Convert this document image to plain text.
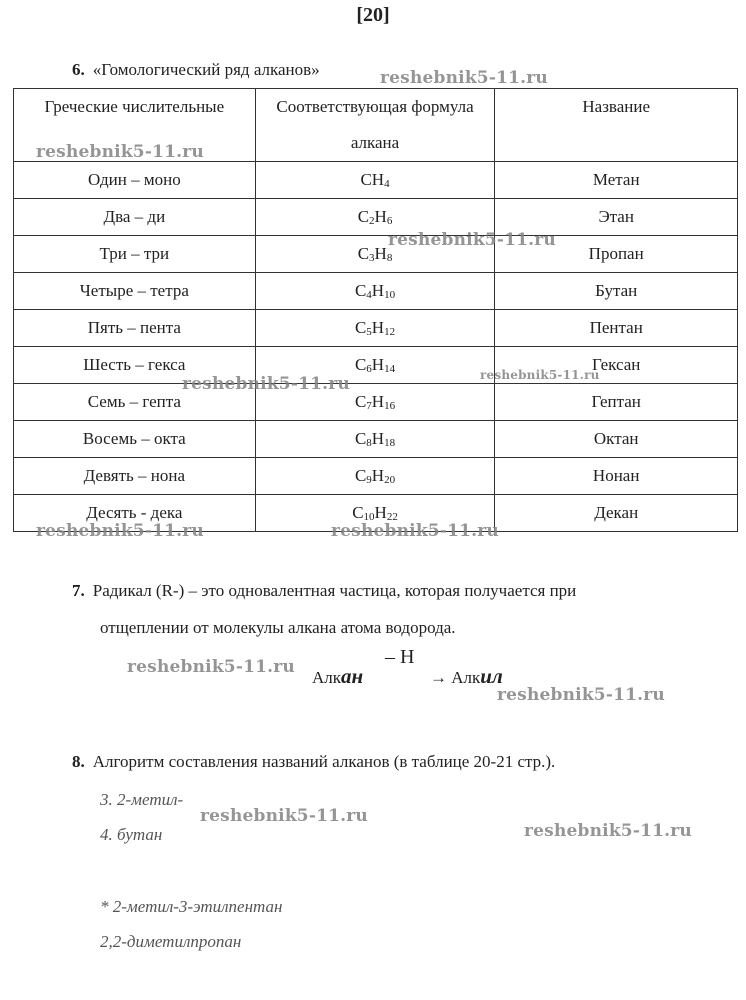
[20]
6. «Гомологический ряд алканов»
Греческие числительные	Соответствующая формула алкана	Название
Один – моно	$CH_4$	Метан
Два – ди	$C_2H_6$	Этан
Три – три	$C_3H_8$	Пропан
Четыре – тетра	$C_4H_{10}$	Бутан
Пять – пента	$C_5H_{12}$	Пентан
Шесть – гекса	$C_6H_{14}$	Гексан
Семь – гепта	$C_7H_{16}$	Гептан
Восемь – окта	$C_8H_{18}$	Октан
Девять – нона	$C_9H_{20}$	Нонан
Десять - дека	$C_{10}H_{22}$	Декан
7. Радикал (R-) – это одновалентная частица, которая получается при
отщеплении от молекулы алкана атома водорода.
Алкан
– H
→ Алкил
8. Алгоритм составления названий алканов (в таблице 20-21 стр.).
3. 2-метил-
4. бутан
* 2-метил-3-этилпентан
2,2-диметилпропан
reshebnik5-11.ru
reshebnik5-11.ru
reshebnik5-11.ru
reshebnik5-11.ru	reshebnik5-11.ru
reshebnik5-11.ru	reshebnik5-11.ru
reshebnik5-11.ru
reshebnik5-11.ru
reshebnik5-11.ru
reshebnik5-11.ru
